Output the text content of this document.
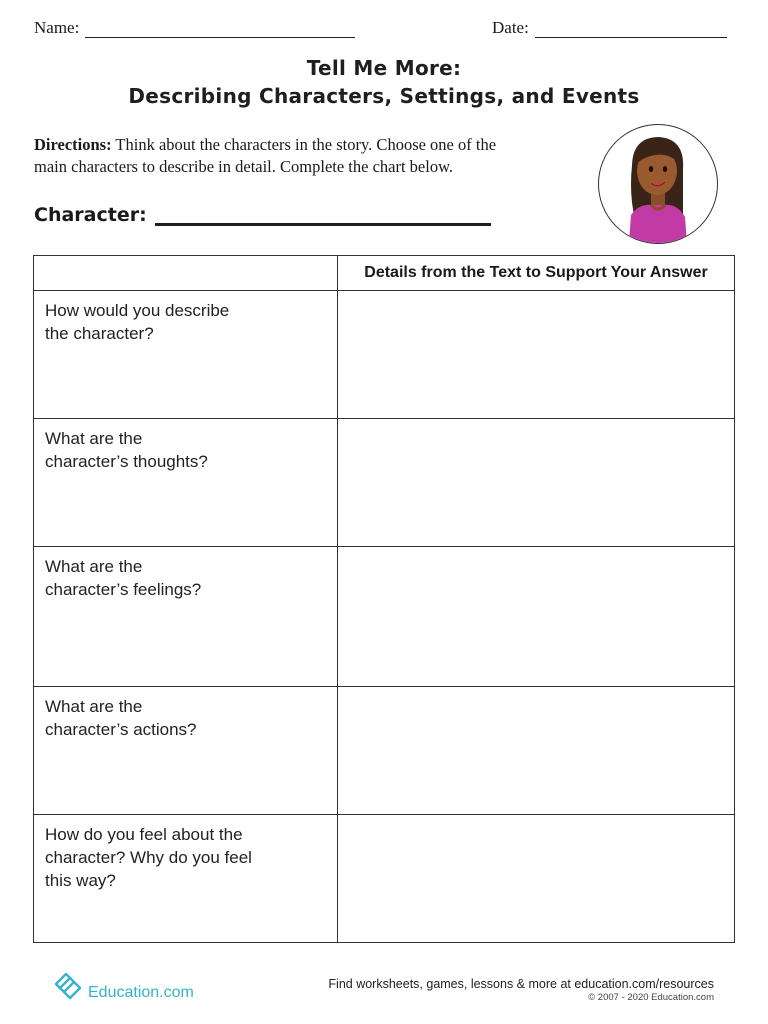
Name:	Date:
Tell Me More:
Describing Characters, Settings, and Events
Directions: Think about the characters in the story. Choose one of the main characters to describe in detail. Complete the chart below.
Character:
	Details from the Text to Support Your Answer

How would you describe
the character?	

What are the
character’s thoughts?	

What are the
character’s feelings?	

What are the
character’s actions?	

How do you feel about the
character? Why do you feel
this way?	

Education.com	Find worksheets, games, lessons & more at education.com/resources
© 2007 - 2020 Education.com
